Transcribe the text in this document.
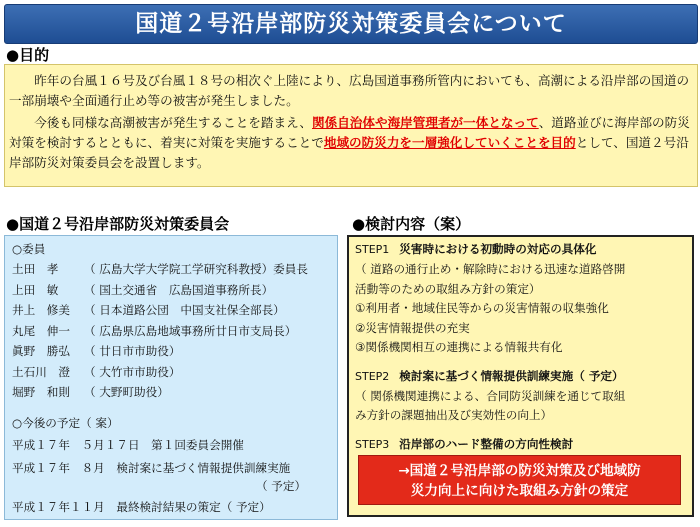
国道２号沿岸部防災対策委員会について
●目的

昨年の台風１６号及び台風１８号の相次ぐ上陸により、広島国道事務所管内においても、高潮による沿岸部の国道の一部崩壊や全面通行止め等の被害が発生しました。

今後も同様な高潮被害が発生することを踏まえ、関係自治体や海岸管理者が一体となって、道路並びに海岸部の防災対策を検討するとともに、着実に対策を実施することで地域の防災力を一層強化していくことを目的として、国道２号沿岸部防災対策委員会を設置します。

●国道２号沿岸部防災対策委員会	●検討内容（案）
○委員
土田　孝 （ 広島大学大学院工学研究科教授）委員長
上田　敏 （ 国土交通省　広島国道事務所長）
井上　修美 （ 日本道路公団　中国支社保全部長）
丸尾　伸一 （ 広島県広島地域事務所廿日市支局長）
眞野　勝弘 （ 廿日市市助役）
土石川　澄 （ 大竹市市助役）
堀野　和則 （ 大野町助役）
○今後の予定（ 案）
平成１７年　５月１７日　第１回委員会開催
平成１７年　８月　検討案に基づく情報提供訓練実施
（ 予定）
平成１７年１１月　最終検討結果の策定（ 予定）
STEP1 災害時における初動時の対応の具体化
（ 道路の通行止め・解除時における迅速な道路啓開
活動等のための取組み方針の策定）
①利用者・地域住民等からの災害情報の収集強化
②災害情報提供の充実
③関係機関相互の連携による情報共有化
STEP2 検討案に基づく情報提供訓練実施（ 予定）
（ 関係機関連携による、合同防災訓練を通じて取組
み方針の課題抽出及び実効性の向上）
STEP3 沿岸部のハード整備の方向性検討
→国道２号沿岸部の防災対策及び地域防
災力向上に向けた取組み方針の策定
